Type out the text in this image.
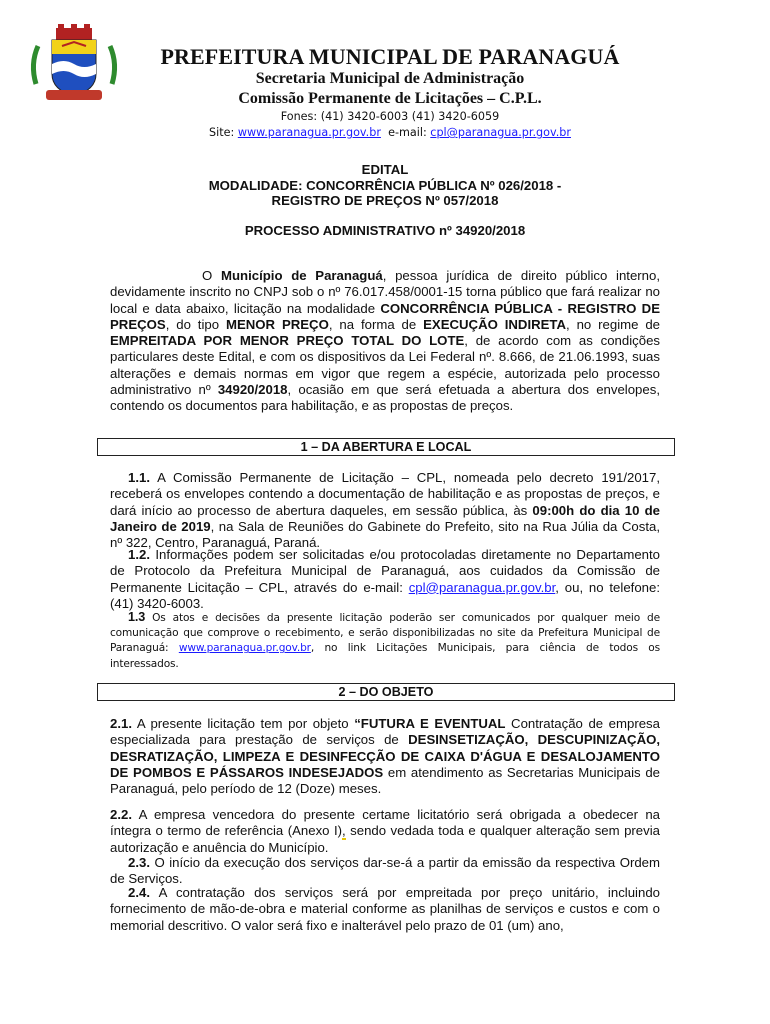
PREFEITURA MUNICIPAL DE PARANAGUÁ
Secretaria Municipal de Administração
Comissão Permanente de Licitações – C.P.L.
Fones: (41) 3420-6003 (41) 3420-6059
Site: www.paranagua.pr.gov.br e-mail: cpl@paranagua.pr.gov.br
EDITAL
MODALIDADE: CONCORRÊNCIA PÚBLICA Nº 026/2018 -
REGISTRO DE PREÇOS Nº 057/2018
PROCESSO ADMINISTRATIVO nº 34920/2018

O Município de Paranaguá, pessoa jurídica de direito público interno, devidamente inscrito no CNPJ sob o nº 76.017.458/0001-15 torna público que fará realizar no local e data abaixo, licitação na modalidade CONCORRÊNCIA PÚBLICA - REGISTRO DE PREÇOS, do tipo MENOR PREÇO, na forma de EXECUÇÃO INDIRETA, no regime de EMPREITADA POR MENOR PREÇO TOTAL DO LOTE, de acordo com as condições particulares deste Edital, e com os dispositivos da Lei Federal nº. 8.666, de 21.06.1993, suas alterações e demais normas em vigor que regem a espécie, autorizada pelo processo administrativo nº 34920/2018, ocasião em que será efetuada a abertura dos envelopes, contendo os documentos para habilitação, e as propostas de preços.

1 – DA ABERTURA E LOCAL

1.1. A Comissão Permanente de Licitação – CPL, nomeada pelo decreto 191/2017, receberá os envelopes contendo a documentação de habilitação e as propostas de preços, e dará início ao processo de abertura daqueles, em sessão pública, às 09:00h do dia 10 de Janeiro de 2019, na Sala de Reuniões do Gabinete do Prefeito, sito na Rua Júlia da Costa, nº 322, Centro, Paranaguá, Paraná.

1.2. Informações podem ser solicitadas e/ou protocoladas diretamente no Departamento de Protocolo da Prefeitura Municipal de Paranaguá, aos cuidados da Comissão de Permanente Licitação – CPL, através do e-mail: cpl@paranagua.pr.gov.br, ou, no telefone: (41) 3420-6003.

1.3 Os atos e decisões da presente licitação poderão ser comunicados por qualquer meio de comunicação que comprove o recebimento, e serão disponibilizadas no site da Prefeitura Municipal de Paranaguá: www.paranagua.pr.gov.br, no link Licitações Municipais, para ciência de todos os interessados.

2 – DO OBJETO

2.1. A presente licitação tem por objeto “FUTURA E EVENTUAL Contratação de empresa especializada para prestação de serviços de DESINSETIZAÇÃO, DESCUPINIZAÇÃO, DESRATIZAÇÃO, LIMPEZA E DESINFECÇÃO DE CAIXA D'ÁGUA E DESALOJAMENTO DE POMBOS E PÁSSAROS INDESEJADOS em atendimento as Secretarias Municipais de Paranaguá, pelo período de 12 (Doze) meses.

2.2. A empresa vencedora do presente certame licitatório será obrigada a obedecer na íntegra o termo de referência (Anexo I), sendo vedada toda e qualquer alteração sem previa autorização e anuência do Município.

2.3. O início da execução dos serviços dar-se-á a partir da emissão da respectiva Ordem de Serviços.

2.4. A contratação dos serviços será por empreitada por preço unitário, incluindo fornecimento de mão-de-obra e material conforme as planilhas de serviços e custos e com o memorial descritivo. O valor será fixo e inalterável pelo prazo de 01 (um) ano,
